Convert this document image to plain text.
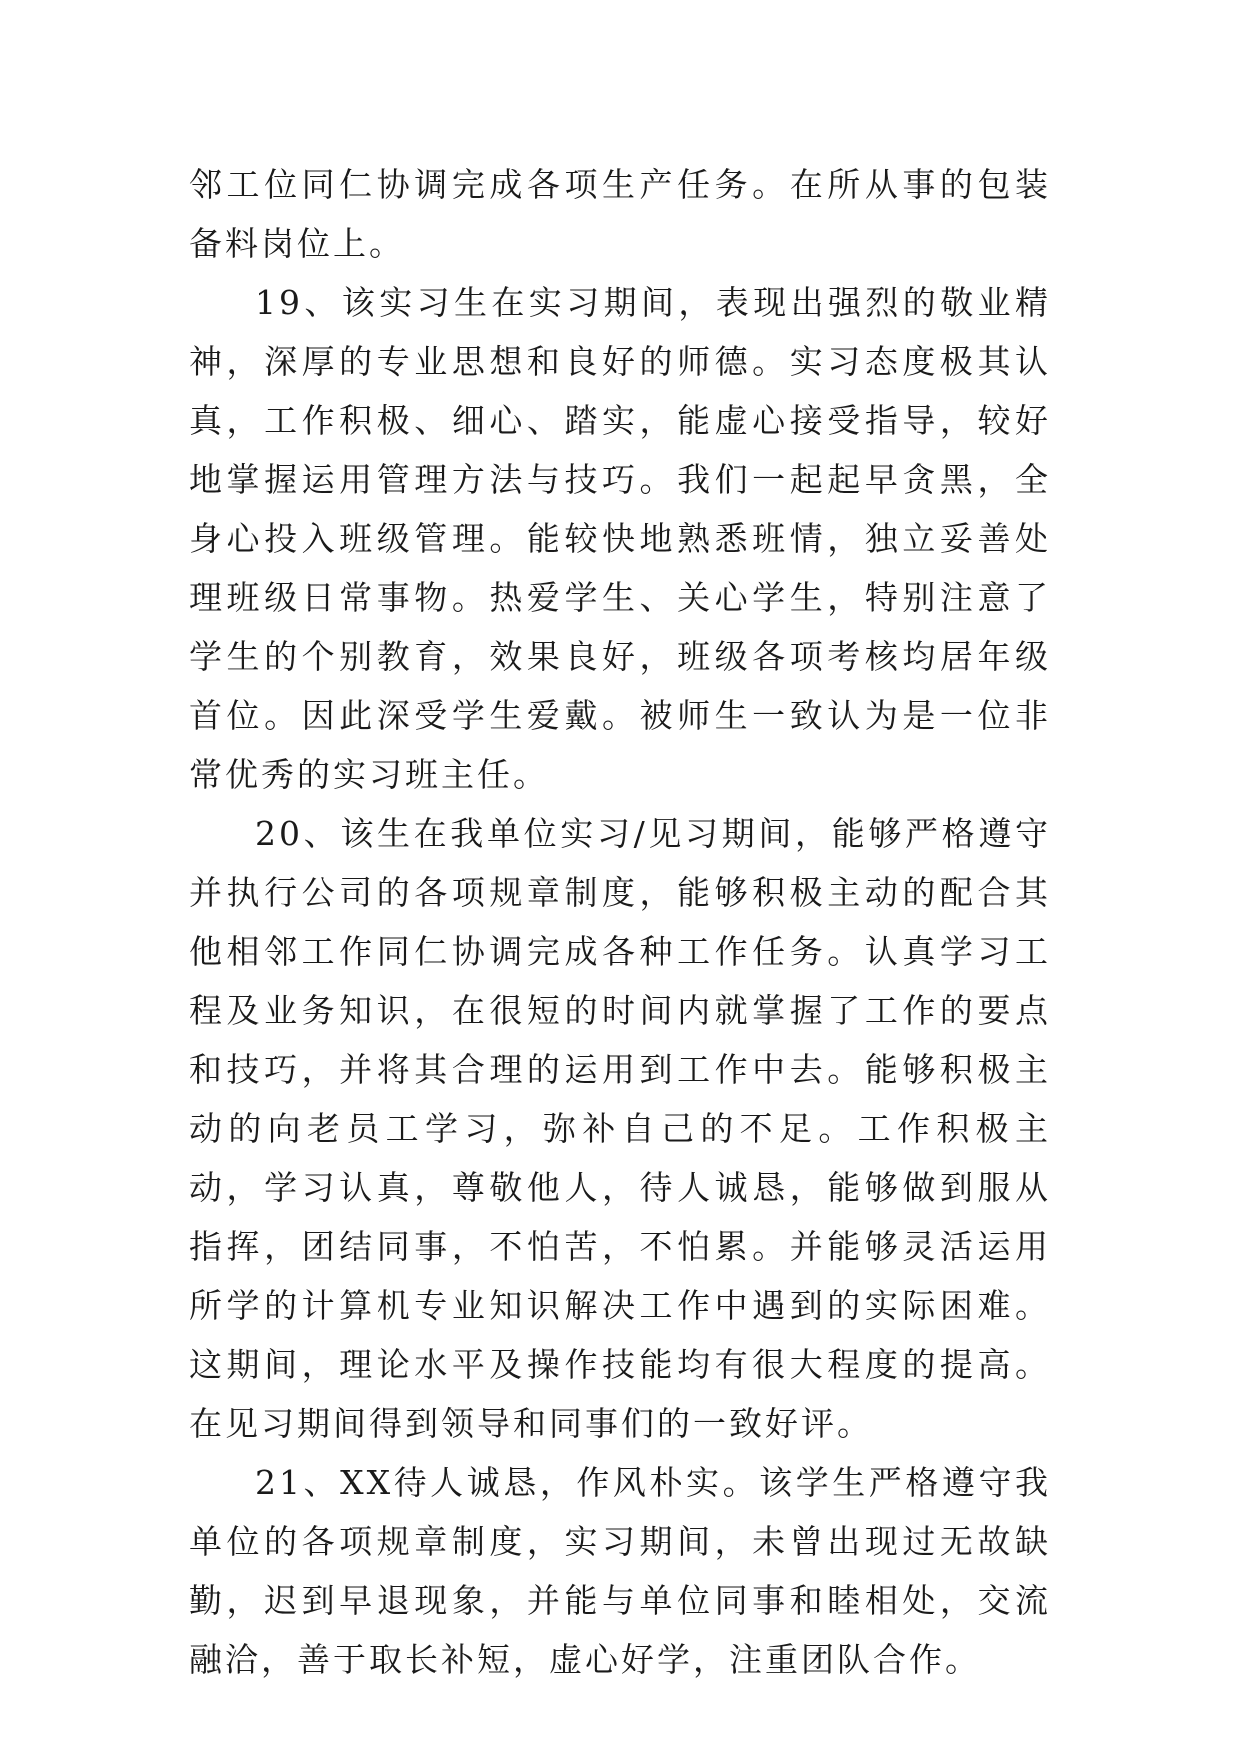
邻工位同仁协调完成各项生产任务。在所从事的包装备料岗位上。

19、该实习生在实习期间，表现出强烈的敬业精神，深厚的专业思想和良好的师德。实习态度极其认真，工作积极、细心、踏实，能虚心接受指导，较好地掌握运用管理方法与技巧。我们一起起早贪黑，全身心投入班级管理。能较快地熟悉班情，独立妥善处理班级日常事物。热爱学生、关心学生，特别注意了学生的个别教育，效果良好，班级各项考核均居年级首位。因此深受学生爱戴。被师生一致认为是一位非常优秀的实习班主任。

20、该生在我单位实习/见习期间，能够严格遵守并执行公司的各项规章制度，能够积极主动的配合其他相邻工作同仁协调完成各种工作任务。认真学习工程及业务知识，在很短的时间内就掌握了工作的要点和技巧，并将其合理的运用到工作中去。能够积极主动的向老员工学习，弥补自己的不足。工作积极主动，学习认真，尊敬他人，待人诚恳，能够做到服从指挥，团结同事，不怕苦，不怕累。并能够灵活运用所学的计算机专业知识解决工作中遇到的实际困难。这期间，理论水平及操作技能均有很大程度的提高。在见习期间得到领导和同事们的一致好评。

21、XX待人诚恳，作风朴实。该学生严格遵守我单位的各项规章制度，实习期间，未曾出现过无故缺勤，迟到早退现象，并能与单位同事和睦相处，交流融洽，善于取长补短，虚心好学，注重团队合作。
